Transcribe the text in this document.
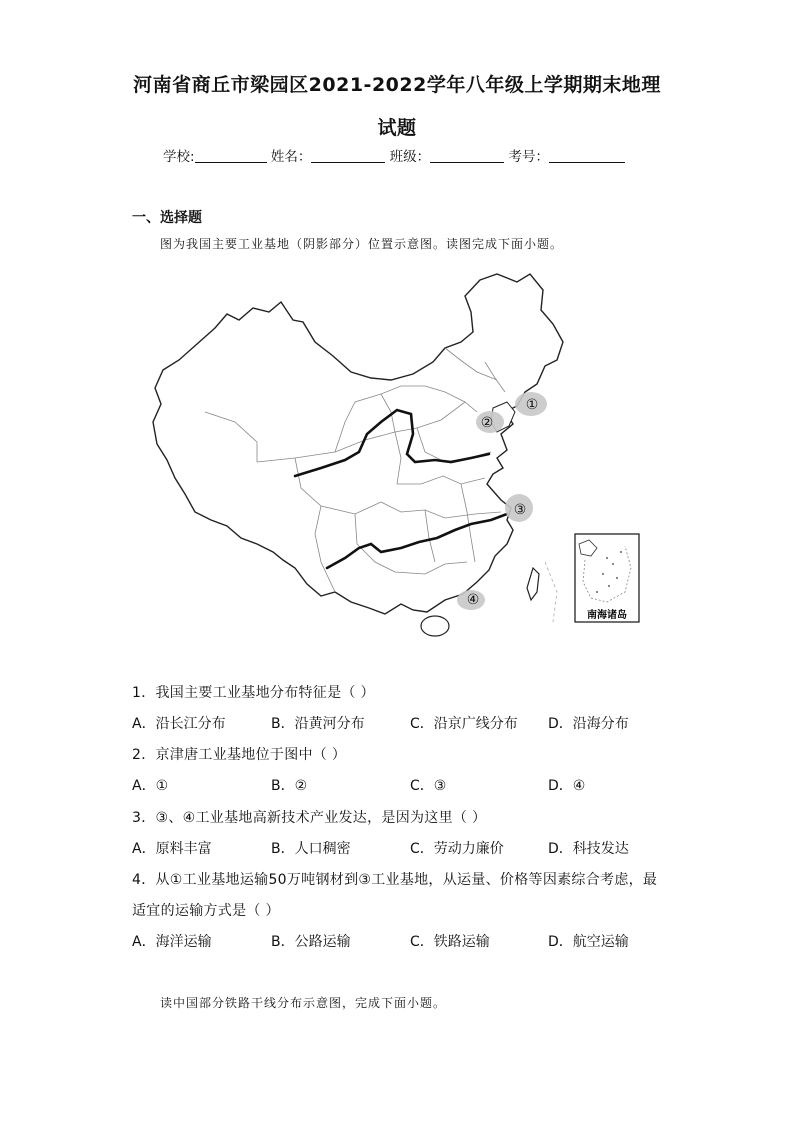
河南省商丘市梁园区2021-2022学年八年级上学期期末地理
试题
学校:	姓名：	班级：	考号：
一、选择题
图为我国主要工业基地（阴影部分）位置示意图。读图完成下面小题。
①
②
③
④
南海诸岛
1．我国主要工业基地分布特征是（ ）
A．沿长江分布	B．沿黄河分布	C．沿京广线分布 D．沿海分布
2．京津唐工业基地位于图中（ ）
A．①	B．②	C．③	D．④
3．③、④工业基地高新技术产业发达，是因为这里（ ）
A．原料丰富	B．人口稠密	C．劳动力廉价	D．科技发达
4．从①工业基地运输50万吨钢材到③工业基地，从运量、价格等因素综合考虑，最
适宜的运输方式是（ ）
A．海洋运输	B．公路运输	C．铁路运输	D．航空运输
读中国部分铁路干线分布示意图，完成下面小题。
